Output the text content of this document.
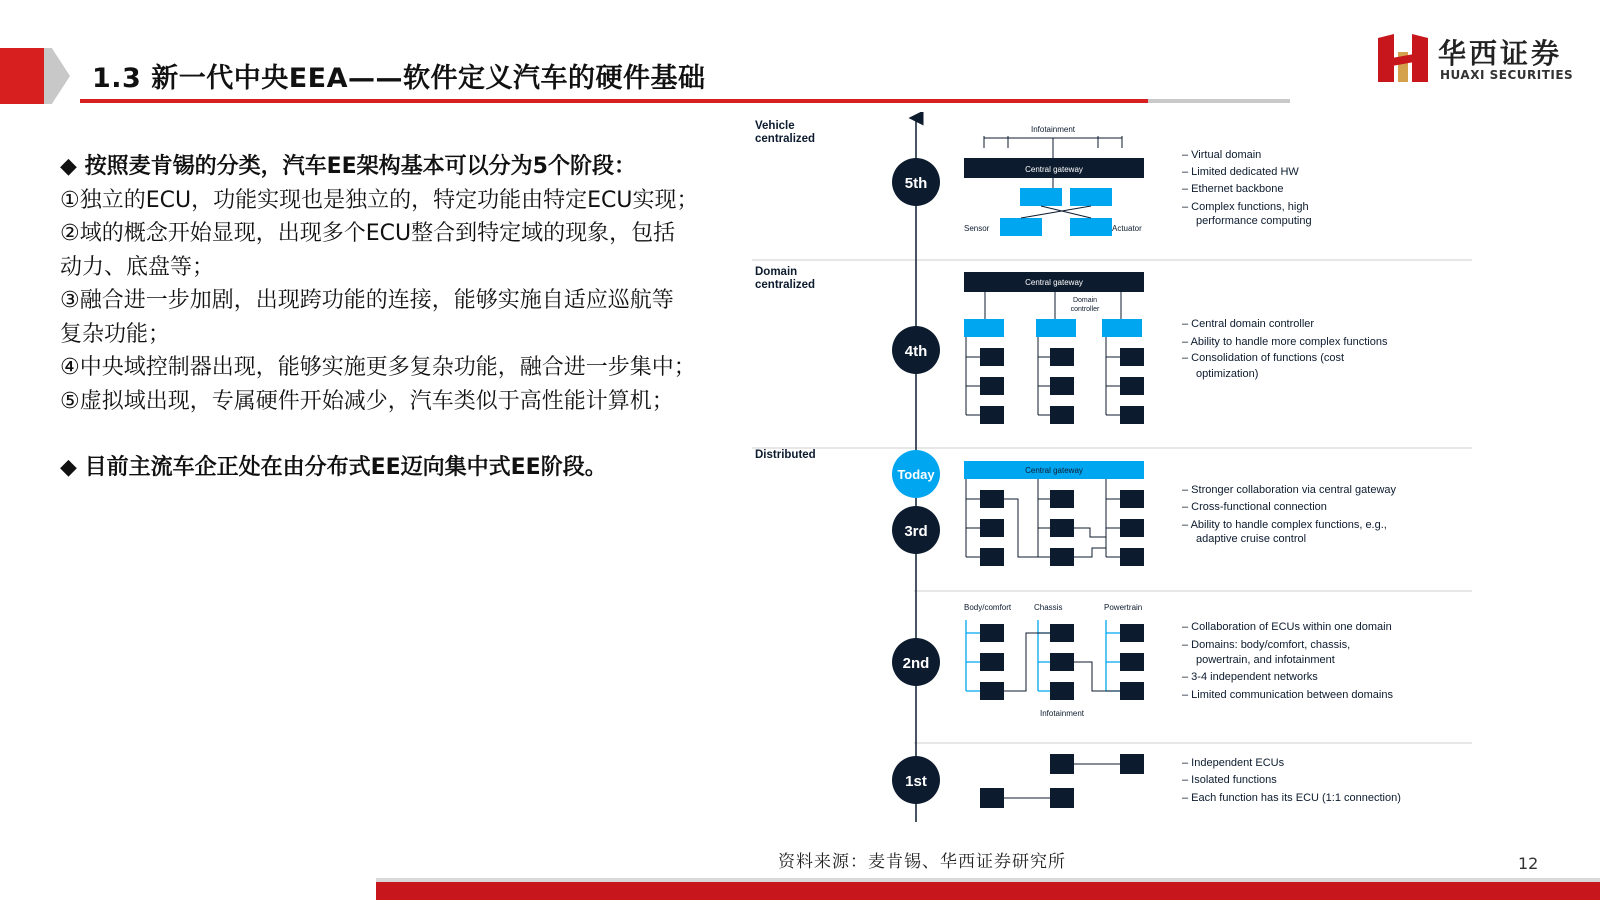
1.3 新一代中央EEA——软件定义汽车的硬件基础
华西证券
HUAXI SECURITIES
◆ 按照麦肯锡的分类，汽车EE架构基本可以分为5个阶段：
①独立的ECU，功能实现也是独立的，特定功能由特定ECU实现；
②域的概念开始显现，出现多个ECU整合到特定域的现象，包括
动力、底盘等；
③融合进一步加剧，出现跨功能的连接，能够实施自适应巡航等
复杂功能；
④中央域控制器出现，能够实施更多复杂功能，融合进一步集中；
⑤虚拟域出现，专属硬件开始减少，汽车类似于高性能计算机；
◆ 目前主流车企正处在由分布式EE迈向集中式EE阶段。
Vehicle
centralized
Domain
centralized
Distributed
5th
4th
Today
3rd
2nd
1st
Infotainment
Central gateway
Sensor	Actuator
– Virtual domain
– Limited dedicated HW
– Ethernet backbone
– Complex functions, high
performance computing
Central gateway
Domain
controller
– Central domain controller
– Ability to handle more complex functions
– Consolidation of functions (cost
optimization)
Central gateway
– Stronger collaboration via central gateway
– Cross-functional connection
– Ability to handle complex functions, e.g.,
adaptive cruise control
Body/comfort	Chassis	Powertrain
Infotainment
– Collaboration of ECUs within one domain
– Domains: body/comfort, chassis,
powertrain, and infotainment
– 3-4 independent networks
– Limited communication between domains
– Independent ECUs
– Isolated functions
– Each function has its ECU (1:1 connection)
资料来源：麦肯锡、华西证券研究所	12
